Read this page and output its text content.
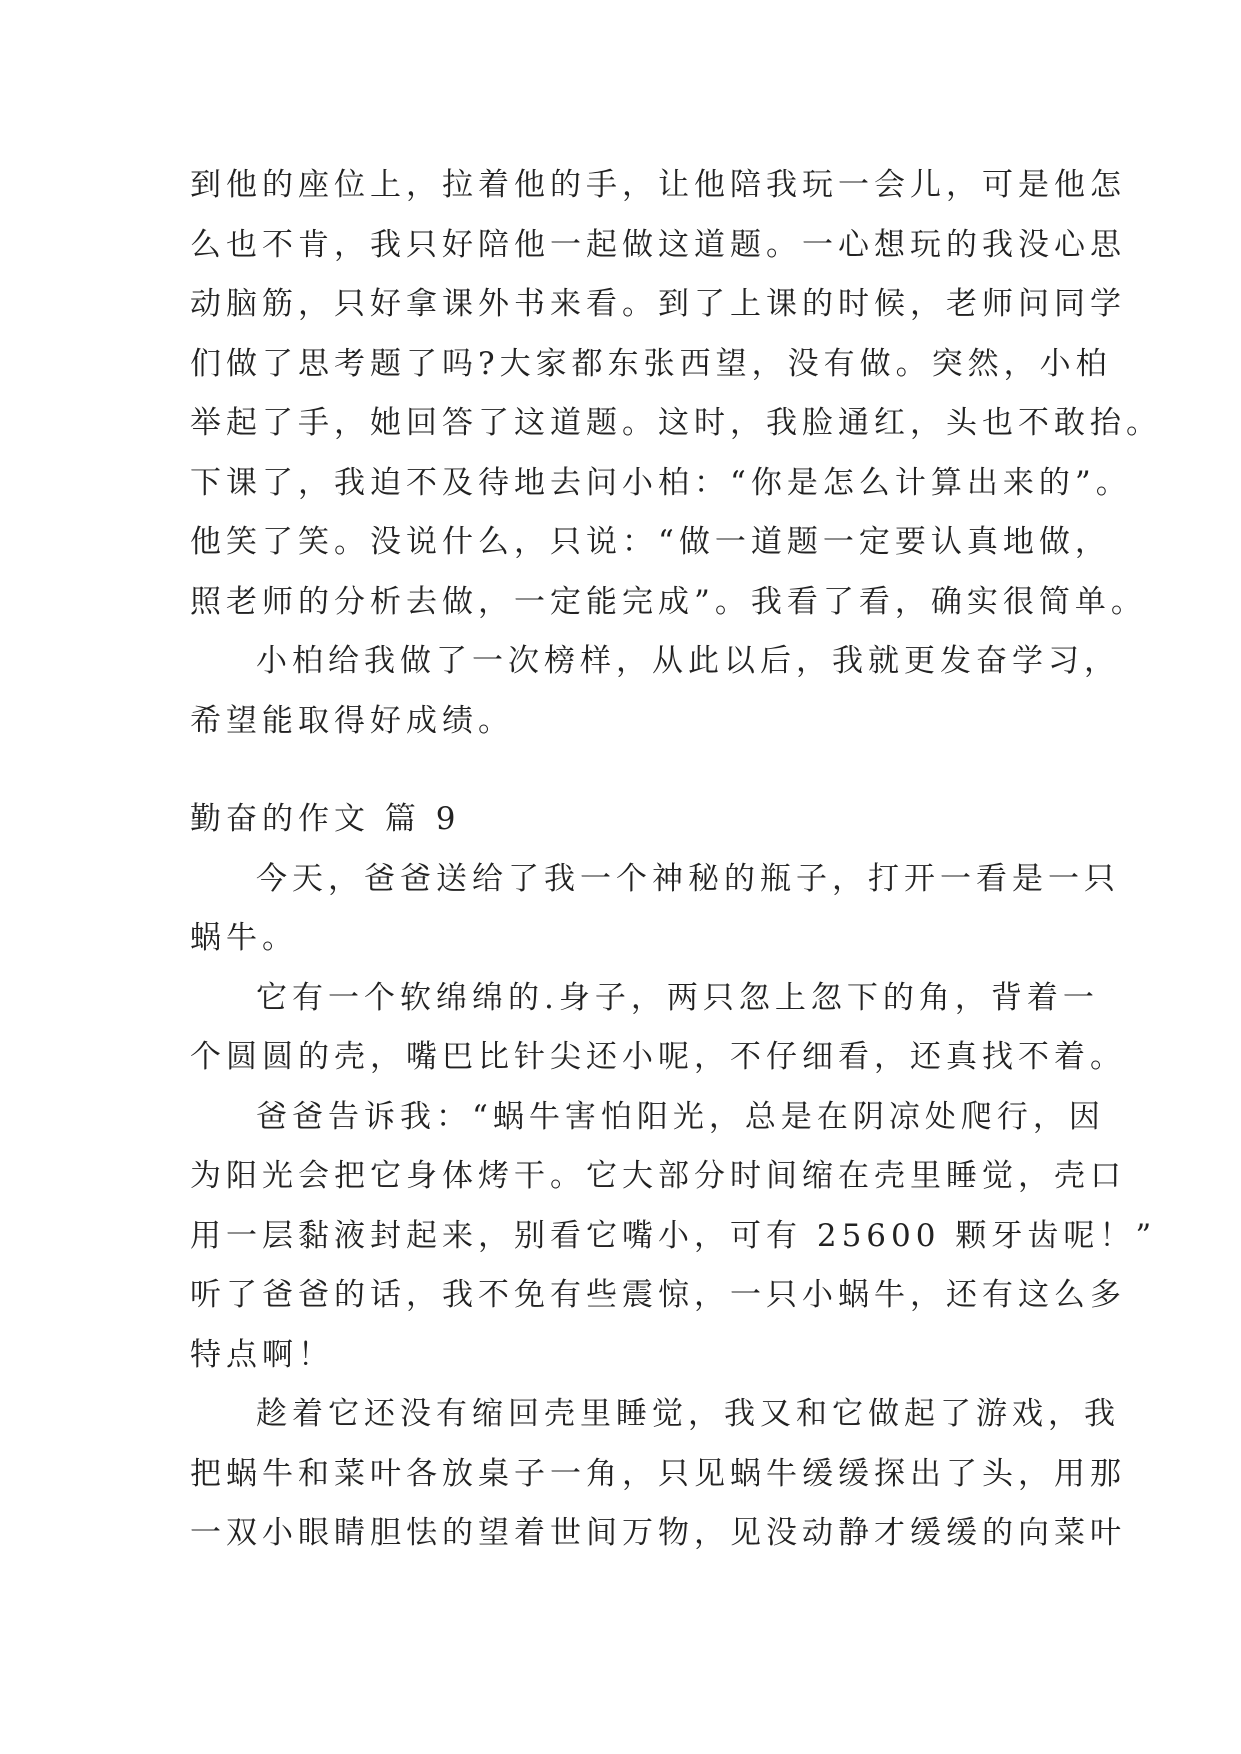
到他的座位上，拉着他的手，让他陪我玩一会儿，可是他怎
么也不肯，我只好陪他一起做这道题。一心想玩的我没心思
动脑筋，只好拿课外书来看。到了上课的时候，老师问同学
们做了思考题了吗?大家都东张西望，没有做。突然，小柏
举起了手，她回答了这道题。这时，我脸通红，头也不敢抬。
下课了，我迫不及待地去问小柏：“你是怎么计算出来的”。
他笑了笑。没说什么，只说：“做一道题一定要认真地做，
照老师的分析去做，一定能完成”。我看了看，确实很简单。
小柏给我做了一次榜样，从此以后，我就更发奋学习，
希望能取得好成绩。
勤奋的作文 篇 9
今天，爸爸送给了我一个神秘的瓶子，打开一看是一只
蜗牛。
它有一个软绵绵的.身子，两只忽上忽下的角，背着一
个圆圆的壳，嘴巴比针尖还小呢，不仔细看，还真找不着。
爸爸告诉我：“蜗牛害怕阳光，总是在阴凉处爬行，因
为阳光会把它身体烤干。它大部分时间缩在壳里睡觉，壳口
用一层黏液封起来，别看它嘴小，可有 25600 颗牙齿呢！”
听了爸爸的话，我不免有些震惊，一只小蜗牛，还有这么多
特点啊！
趁着它还没有缩回壳里睡觉，我又和它做起了游戏，我
把蜗牛和菜叶各放桌子一角，只见蜗牛缓缓探出了头，用那
一双小眼睛胆怯的望着世间万物，见没动静才缓缓的向菜叶
